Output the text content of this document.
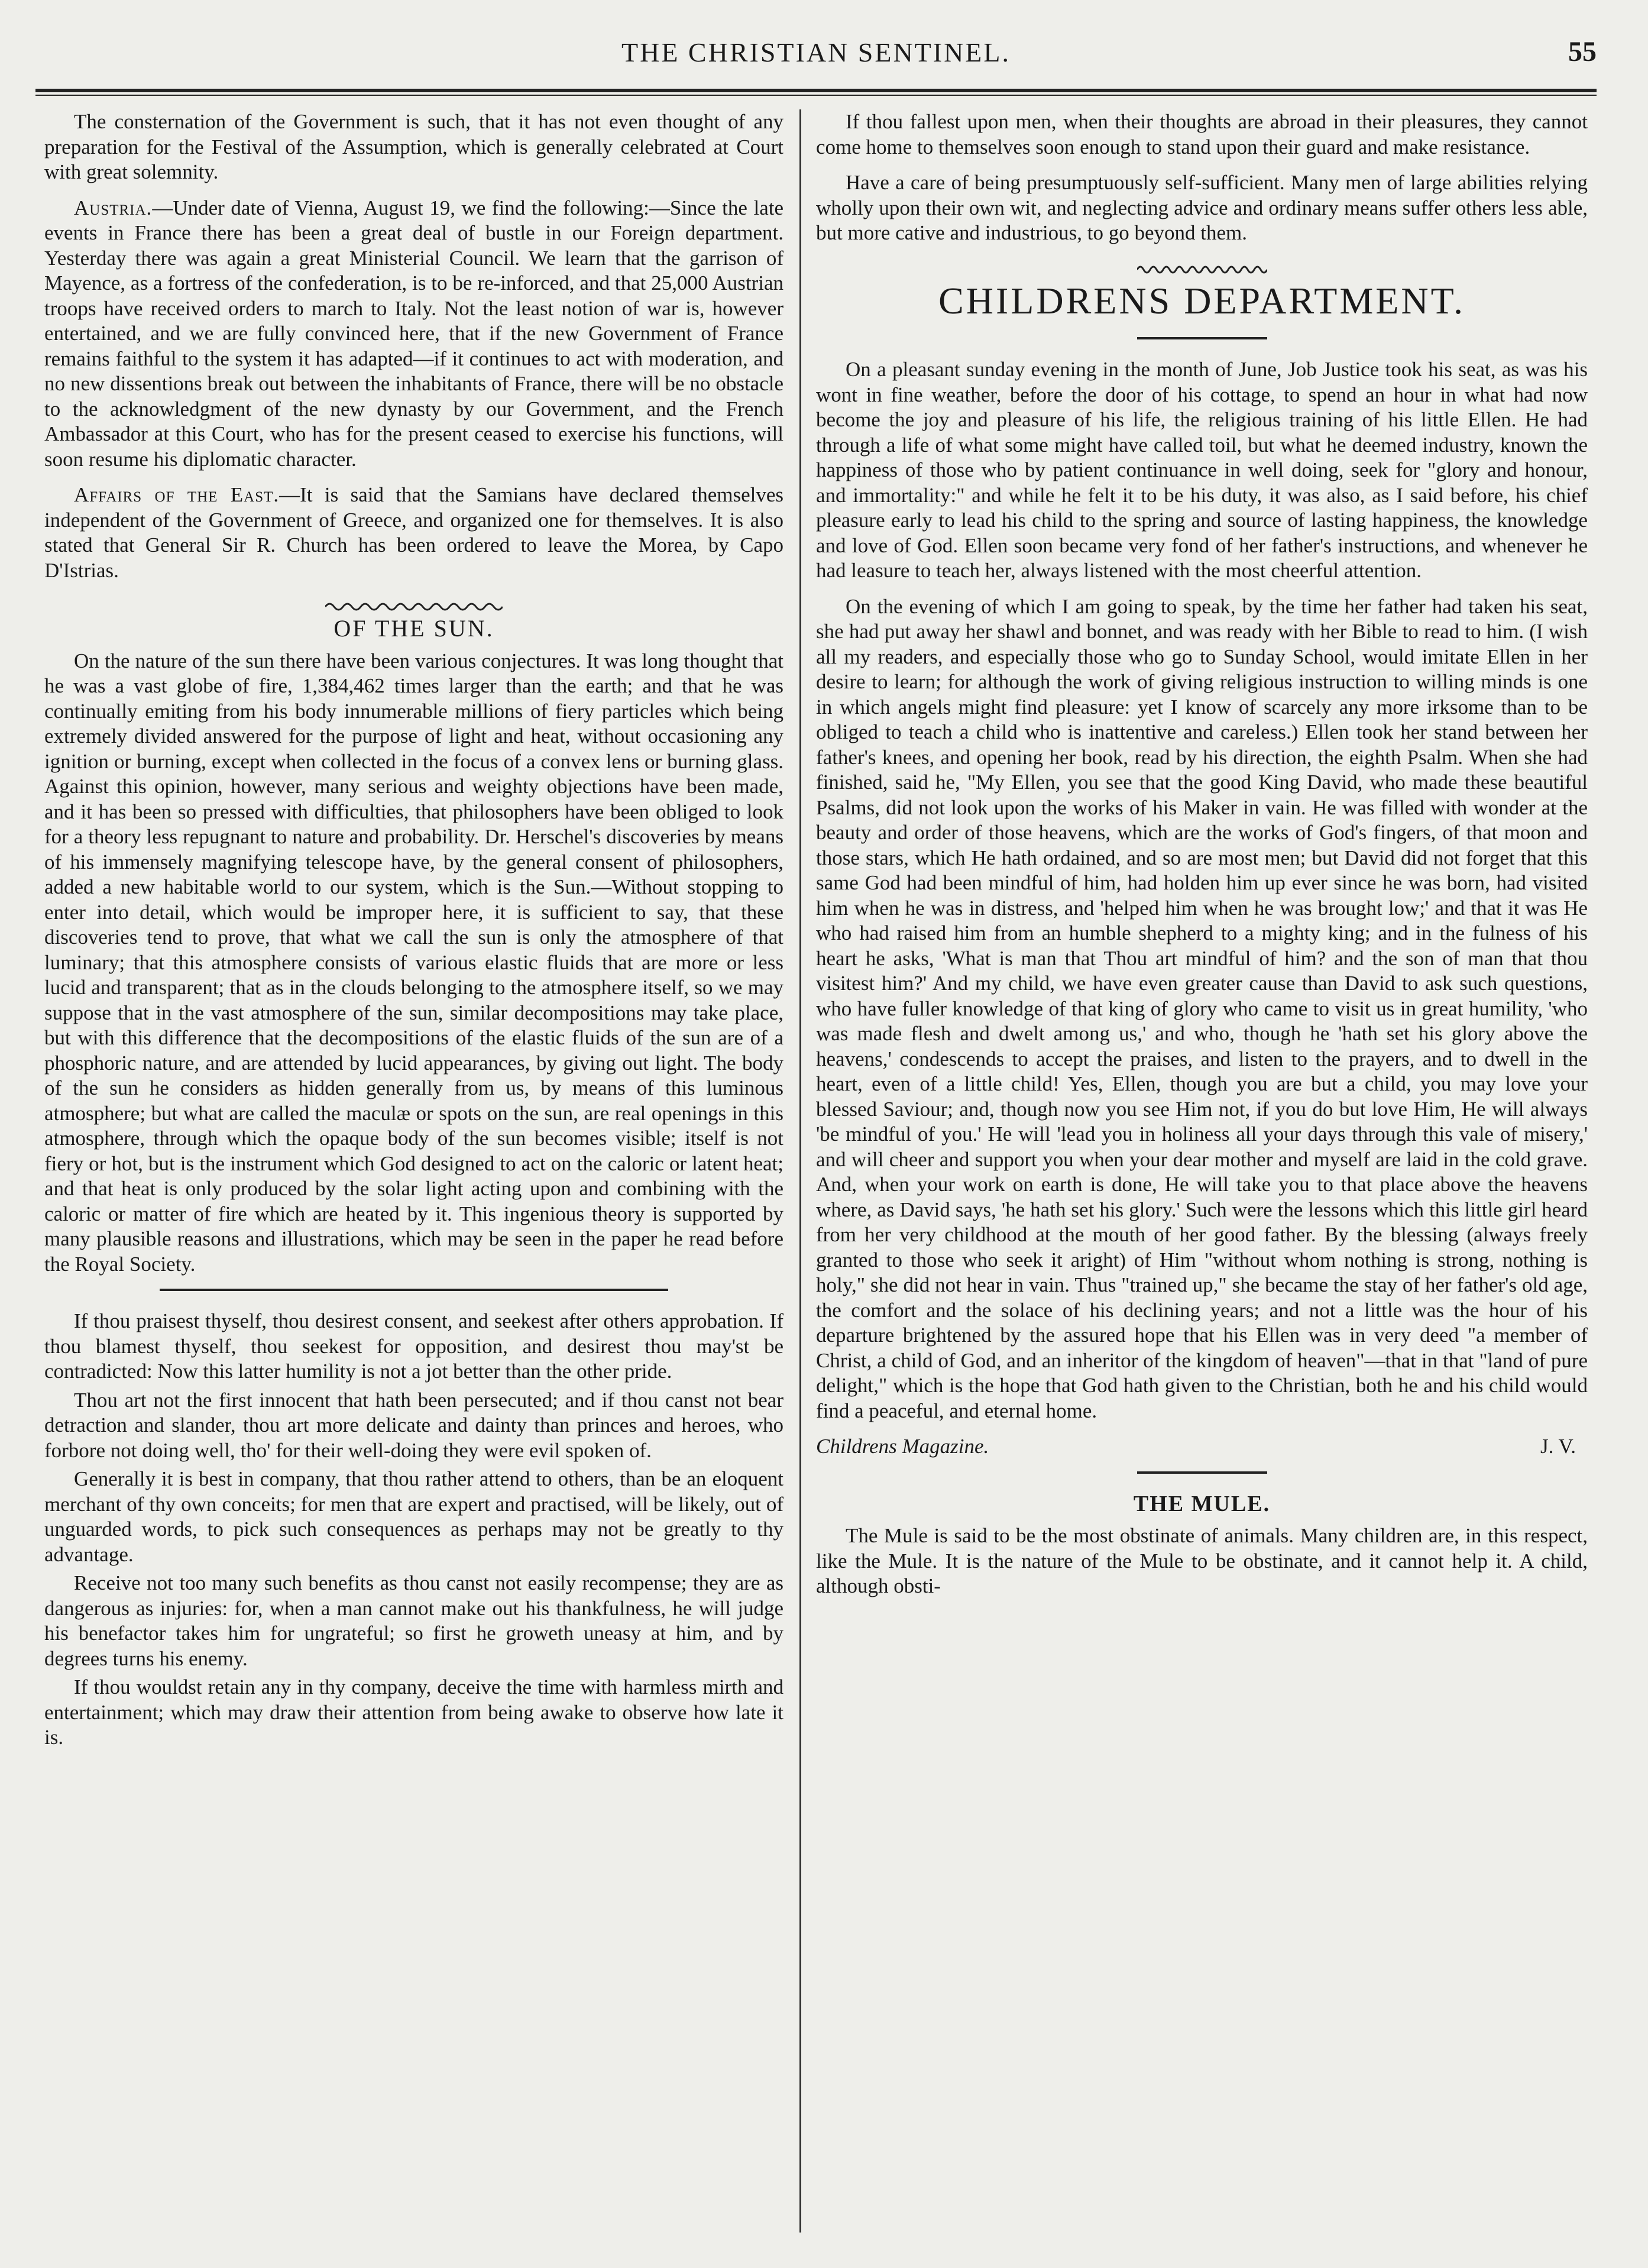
THE CHRISTIAN SENTINEL.	55

The consternation of the Government is such, that it has not even thought of any preparation for the Festival of the Assumption, which is generally celebrated at Court with great solemnity.

Austria.—Under date of Vienna, August 19, we find the following:—Since the late events in France there has been a great deal of bustle in our Foreign department. Yesterday there was again a great Ministerial Council. We learn that the garrison of Mayence, as a fortress of the confederation, is to be re-inforced, and that 25,000 Austrian troops have received orders to march to Italy. Not the least notion of war is, however entertained, and we are fully convinced here, that if the new Government of France remains faithful to the system it has adapted—if it continues to act with moderation, and no new dissentions break out between the inhabitants of France, there will be no obstacle to the acknowledgment of the new dynasty by our Government, and the French Ambassador at this Court, who has for the present ceased to exercise his functions, will soon resume his diplomatic character.

Affairs of the East.—It is said that the Samians have declared themselves independent of the Government of Greece, and organized one for themselves. It is also stated that General Sir R. Church has been ordered to leave the Morea, by Capo D'Istrias.

OF THE SUN.

On the nature of the sun there have been various conjectures. It was long thought that he was a vast globe of fire, 1,384,462 times larger than the earth; and that he was continually emiting from his body innumerable millions of fiery particles which being extremely divided answered for the purpose of light and heat, without occasioning any ignition or burning, except when collected in the focus of a convex lens or burning glass. Against this opinion, however, many serious and weighty objections have been made, and it has been so pressed with difficulties, that philosophers have been obliged to look for a theory less repugnant to nature and probability. Dr. Herschel's discoveries by means of his immensely magnifying telescope have, by the general consent of philosophers, added a new habitable world to our system, which is the Sun.—Without stopping to enter into detail, which would be improper here, it is sufficient to say, that these discoveries tend to prove, that what we call the sun is only the atmosphere of that luminary; that this atmosphere consists of various elastic fluids that are more or less lucid and transparent; that as in the clouds belonging to the atmosphere itself, so we may suppose that in the vast atmosphere of the sun, similar decompositions may take place, but with this difference that the decompositions of the elastic fluids of the sun are of a phosphoric nature, and are attended by lucid appearances, by giving out light. The body of the sun he considers as hidden generally from us, by means of this luminous atmosphere; but what are called the maculæ or spots on the sun, are real openings in this atmosphere, through which the opaque body of the sun becomes visible; itself is not fiery or hot, but is the instrument which God designed to act on the caloric or latent heat; and that heat is only produced by the solar light acting upon and combining with the caloric or matter of fire which are heated by it. This ingenious theory is supported by many plausible reasons and illustrations, which may be seen in the paper he read before the Royal Society.

If thou praisest thyself, thou desirest consent, and seekest after others approbation. If thou blamest thyself, thou seekest for opposition, and desirest thou may'st be contradicted: Now this latter humility is not a jot better than the other pride.

Thou art not the first innocent that hath been persecuted; and if thou canst not bear detraction and slander, thou art more delicate and dainty than princes and heroes, who forbore not doing well, tho' for their well-doing they were evil spoken of.

Generally it is best in company, that thou rather attend to others, than be an eloquent merchant of thy own conceits; for men that are expert and practised, will be likely, out of unguarded words, to pick such consequences as perhaps may not be greatly to thy advantage.

Receive not too many such benefits as thou canst not easily recompense; they are as dangerous as injuries: for, when a man cannot make out his thankfulness, he will judge his benefactor takes him for ungrateful; so first he groweth uneasy at him, and by degrees turns his enemy.

If thou wouldst retain any in thy company, deceive the time with harmless mirth and entertainment; which may draw their attention from being awake to observe how late it is.

If thou fallest upon men, when their thoughts are abroad in their pleasures, they cannot come home to themselves soon enough to stand upon their guard and make resistance.

Have a care of being presumptuously self-sufficient. Many men of large abilities relying wholly upon their own wit, and neglecting advice and ordinary means suffer others less able, but more cative and industrious, to go beyond them.

CHILDRENS DEPARTMENT.

On a pleasant sunday evening in the month of June, Job Justice took his seat, as was his wont in fine weather, before the door of his cottage, to spend an hour in what had now become the joy and pleasure of his life, the religious training of his little Ellen. He had through a life of what some might have called toil, but what he deemed industry, known the happiness of those who by patient continuance in well doing, seek for "glory and honour, and immortality:" and while he felt it to be his duty, it was also, as I said before, his chief pleasure early to lead his child to the spring and source of lasting happiness, the knowledge and love of God. Ellen soon became very fond of her father's instructions, and whenever he had leasure to teach her, always listened with the most cheerful attention.

On the evening of which I am going to speak, by the time her father had taken his seat, she had put away her shawl and bonnet, and was ready with her Bible to read to him. (I wish all my readers, and especially those who go to Sunday School, would imitate Ellen in her desire to learn; for although the work of giving religious instruction to willing minds is one in which angels might find pleasure: yet I know of scarcely any more irksome than to be obliged to teach a child who is inattentive and careless.) Ellen took her stand between her father's knees, and opening her book, read by his direction, the eighth Psalm. When she had finished, said he, "My Ellen, you see that the good King David, who made these beautiful Psalms, did not look upon the works of his Maker in vain. He was filled with wonder at the beauty and order of those heavens, which are the works of God's fingers, of that moon and those stars, which He hath ordained, and so are most men; but David did not forget that this same God had been mindful of him, had holden him up ever since he was born, had visited him when he was in distress, and 'helped him when he was brought low;' and that it was He who had raised him from an humble shepherd to a mighty king; and in the fulness of his heart he asks, 'What is man that Thou art mindful of him? and the son of man that thou visitest him?' And my child, we have even greater cause than David to ask such questions, who have fuller knowledge of that king of glory who came to visit us in great humility, 'who was made flesh and dwelt among us,' and who, though he 'hath set his glory above the heavens,' condescends to accept the praises, and listen to the prayers, and to dwell in the heart, even of a little child! Yes, Ellen, though you are but a child, you may love your blessed Saviour; and, though now you see Him not, if you do but love Him, He will always 'be mindful of you.' He will 'lead you in holiness all your days through this vale of misery,' and will cheer and support you when your dear mother and myself are laid in the cold grave. And, when your work on earth is done, He will take you to that place above the heavens where, as David says, 'he hath set his glory.' Such were the lessons which this little girl heard from her very childhood at the mouth of her good father. By the blessing (always freely granted to those who seek it aright) of Him "without whom nothing is strong, nothing is holy," she did not hear in vain. Thus "trained up," she became the stay of her father's old age, the comfort and the solace of his declining years; and not a little was the hour of his departure brightened by the assured hope that his Ellen was in very deed "a member of Christ, a child of God, and an inheritor of the kingdom of heaven"—that in that "land of pure delight," which is the hope that God hath given to the Christian, both he and his child would find a peaceful, and eternal home.

Childrens Magazine.	J. V.
THE MULE.

The Mule is said to be the most obstinate of animals. Many children are, in this respect, like the Mule. It is the nature of the Mule to be obstinate, and it cannot help it. A child, although obsti-
